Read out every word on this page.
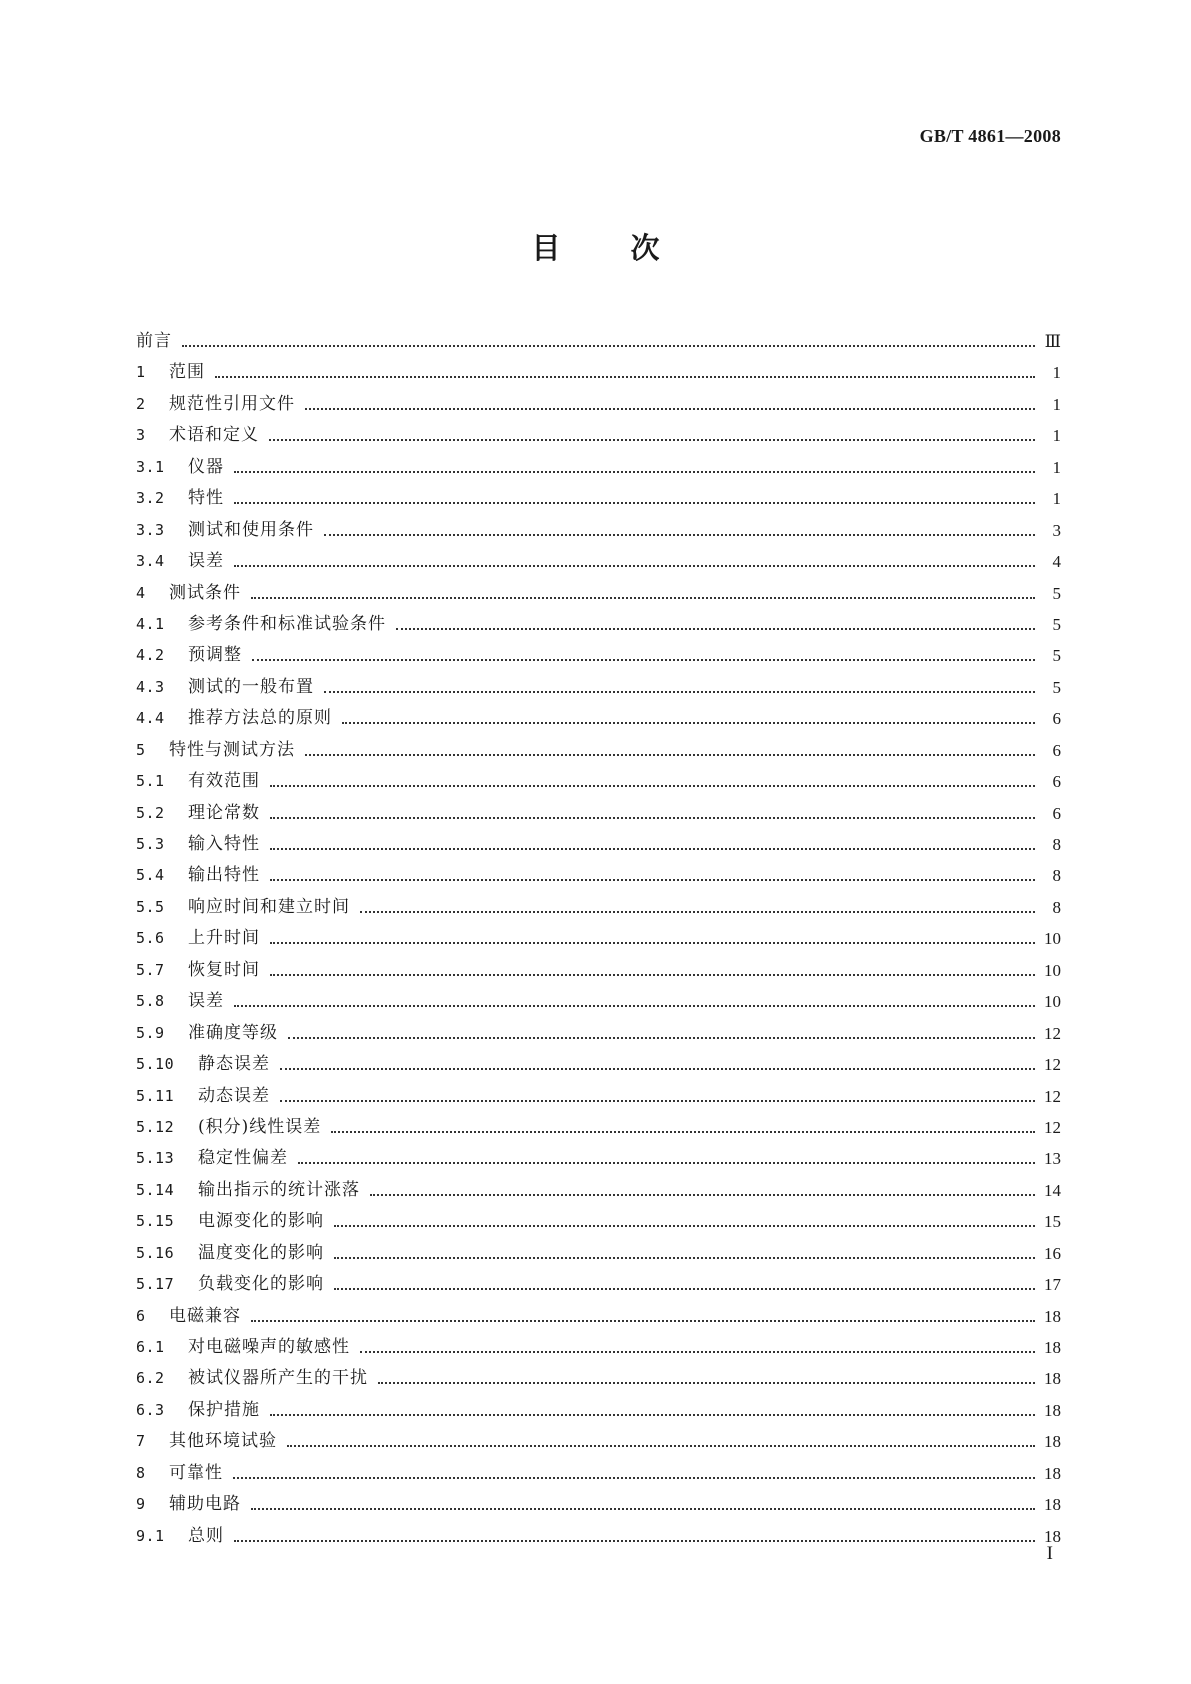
GB/T 4861—2008
目 次
前言	Ⅲ
1	范围	1
2	规范性引用文件	1
3	术语和定义	1
3.1	仪器	1
3.2	特性	1
3.3	测试和使用条件	3
3.4	误差	4
4	测试条件	5
4.1	参考条件和标准试验条件	5
4.2	预调整	5
4.3	测试的一般布置	5
4.4	推荐方法总的原则	6
5	特性与测试方法	6
5.1	有效范围	6
5.2	理论常数	6
5.3	输入特性	8
5.4	输出特性	8
5.5	响应时间和建立时间	8
5.6	上升时间	10
5.7	恢复时间	10
5.8	误差	10
5.9	准确度等级	12
5.10	静态误差	12
5.11	动态误差	12
5.12	(积分)线性误差	12
5.13	稳定性偏差	13
5.14	输出指示的统计涨落	14
5.15	电源变化的影响	15
5.16	温度变化的影响	16
5.17	负载变化的影响	17
6	电磁兼容	18
6.1	对电磁噪声的敏感性	18
6.2	被试仪器所产生的干扰	18
6.3	保护措施	18
7	其他环境试验	18
8	可靠性	18
9	辅助电路	18
9.1	总则	18
I
